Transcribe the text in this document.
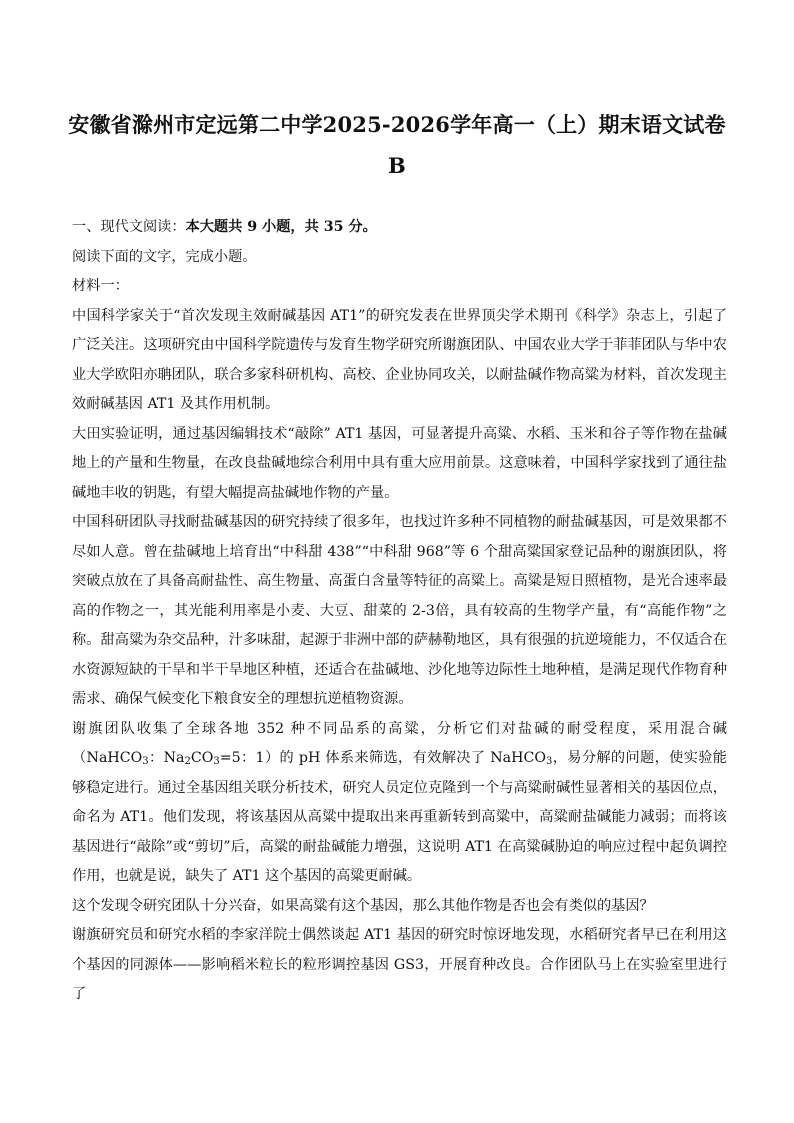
安徽省滁州市定远第二中学2025-2026学年高一（上）期末语文试卷
B

一、现代文阅读：本大题共 9 小题，共 35 分。

阅读下面的文字，完成小题。

材料一：

中国科学家关于“首次发现主效耐碱基因 AT1”的研究发表在世界顶尖学术期刊《科学》杂志上，引起了广泛关注。这项研究由中国科学院遗传与发育生物学研究所谢旗团队、中国农业大学于菲菲团队与华中农业大学欧阳亦聃团队，联合多家科研机构、高校、企业协同攻关，以耐盐碱作物高粱为材料，首次发现主效耐碱基因 AT1 及其作用机制。

大田实验证明，通过基因编辑技术“敲除” AT1 基因，可显著提升高粱、水稻、玉米和谷子等作物在盐碱地上的产量和生物量，在改良盐碱地综合利用中具有重大应用前景。这意味着，中国科学家找到了通往盐碱地丰收的钥匙，有望大幅提高盐碱地作物的产量。

中国科研团队寻找耐盐碱基因的研究持续了很多年，也找过许多种不同植物的耐盐碱基因，可是效果都不尽如人意。曾在盐碱地上培育出“中科甜 438”“中科甜 968”等 6 个甜高粱国家登记品种的谢旗团队，将突破点放在了具备高耐盐性、高生物量、高蛋白含量等特征的高粱上。高粱是短日照植物，是光合速率最高的作物之一，其光能利用率是小麦、大豆、甜菜的 2-3倍，具有较高的生物学产量，有“高能作物”之称。甜高粱为杂交品种，汁多味甜，起源于非洲中部的萨赫勒地区，具有很强的抗逆境能力，不仅适合在水资源短缺的干旱和半干旱地区种植，还适合在盐碱地、沙化地等边际性土地种植，是满足现代作物育种需求、确保气候变化下粮食安全的理想抗逆植物资源。

谢旗团队收集了全球各地 352 种不同品系的高粱，分析它们对盐碱的耐受程度，采用混合碱（NaHCO$_3$：$Na_2CO_3=5$：1）的 pH 体系来筛选，有效解决了 NaHCO$_3$，易分解的问题，使实验能够稳定进行。通过全基因组关联分析技术，研究人员定位克隆到一个与高粱耐碱性显著相关的基因位点，命名为 AT1。他们发现，将该基因从高粱中提取出来再重新转到高粱中，高粱耐盐碱能力减弱；而将该基因进行“敲除”或“剪切”后，高粱的耐盐碱能力增强，这说明 AT1 在高粱碱胁迫的响应过程中起负调控作用，也就是说，缺失了 AT1 这个基因的高粱更耐碱。

这个发现令研究团队十分兴奋，如果高粱有这个基因，那么其他作物是否也会有类似的基因？

谢旗研究员和研究水稻的李家洋院士偶然谈起 AT1 基因的研究时惊讶地发现，水稻研究者早已在利用这个基因的同源体——影响稻米粒长的粒形调控基因 GS3，开展育种改良。合作团队马上在实验室里进行了
